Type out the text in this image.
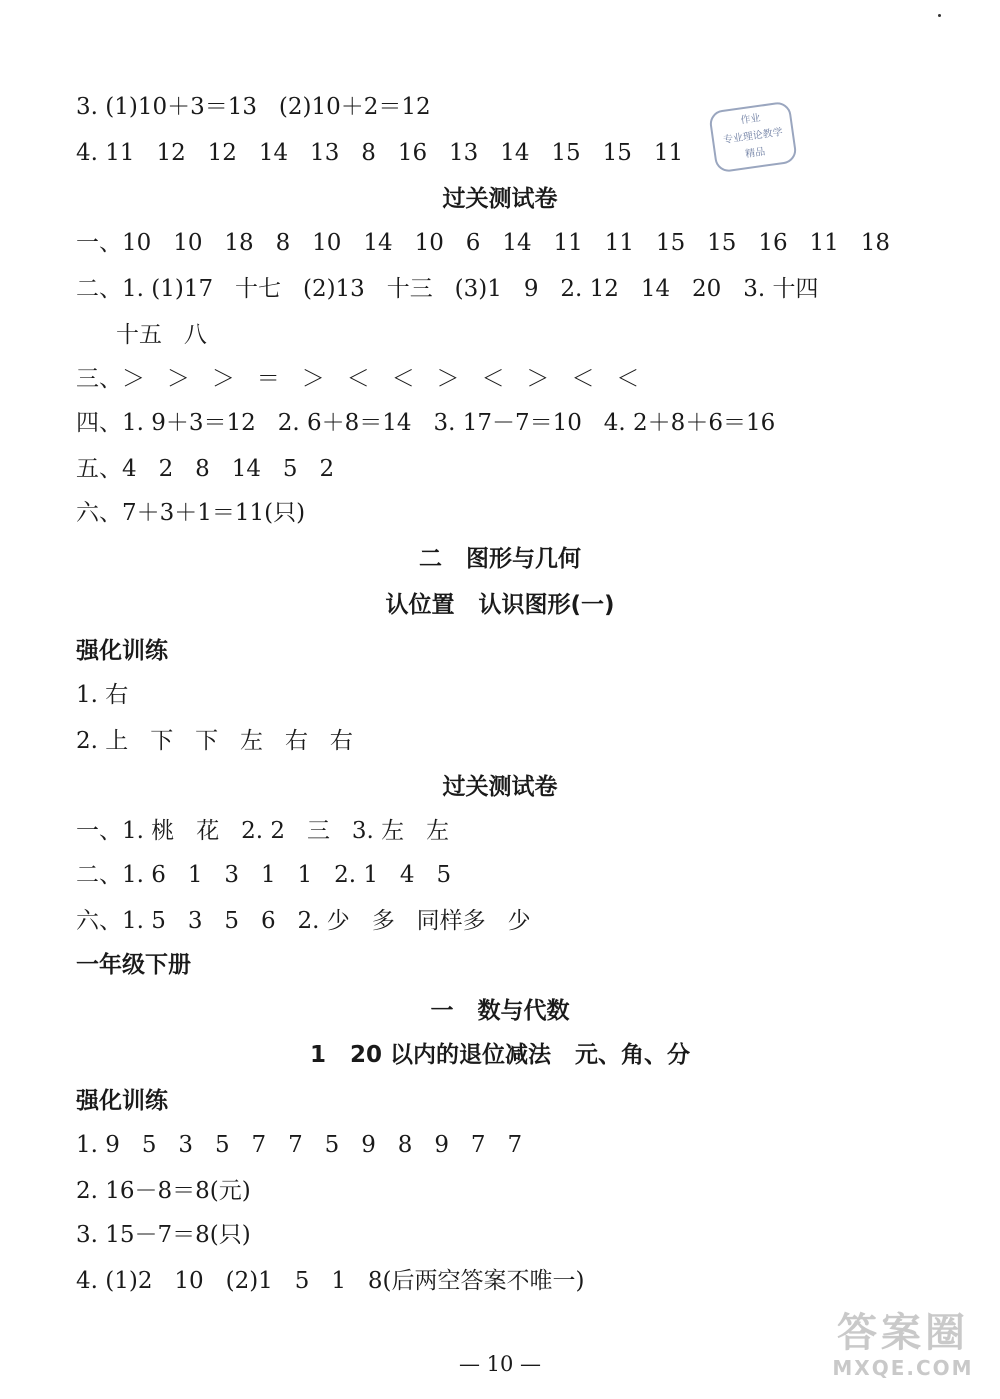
3. (1)10＋3＝13   (2)10＋2＝12
4. 11   12   12   14   13   8   16   13   14   15   15   11
作业
专业理论教学
精品
过关测试卷
一、10   10   18   8   10   14   10   6   14   11   11   15   15   16   11   18
二、1. (1)17   十七   (2)13   十三   (3)1   9   2. 12   14   20   3. 十四
十五   八
三、＞   ＞   ＞   ＝   ＞   ＜   ＜   ＞   ＜   ＞   ＜   ＜
四、1. 9＋3＝12   2. 6＋8＝14   3. 17－7＝10   4. 2＋8＋6＝16
五、4   2   8   14   5   2
六、7＋3＋1＝11(只)
二   图形与几何
认位置   认识图形(一)
强化训练
1. 右
2. 上   下   下   左   右   右
过关测试卷
一、1. 桃   花   2. 2   三   3. 左   左
二、1. 6   1   3   1   1   2. 1   4   5
六、1. 5   3   5   6   2. 少   多   同样多   少
一年级下册
一   数与代数
1   20 以内的退位减法   元、角、分
强化训练
1. 9   5   3   5   7   7   5   9   8   9   7   7
2. 16－8＝8(元)
3. 15－7＝8(只)
4. (1)2   10   (2)1   5   1   8(后两空答案不唯一)
— 10 —
答案圈
MXQE.COM
